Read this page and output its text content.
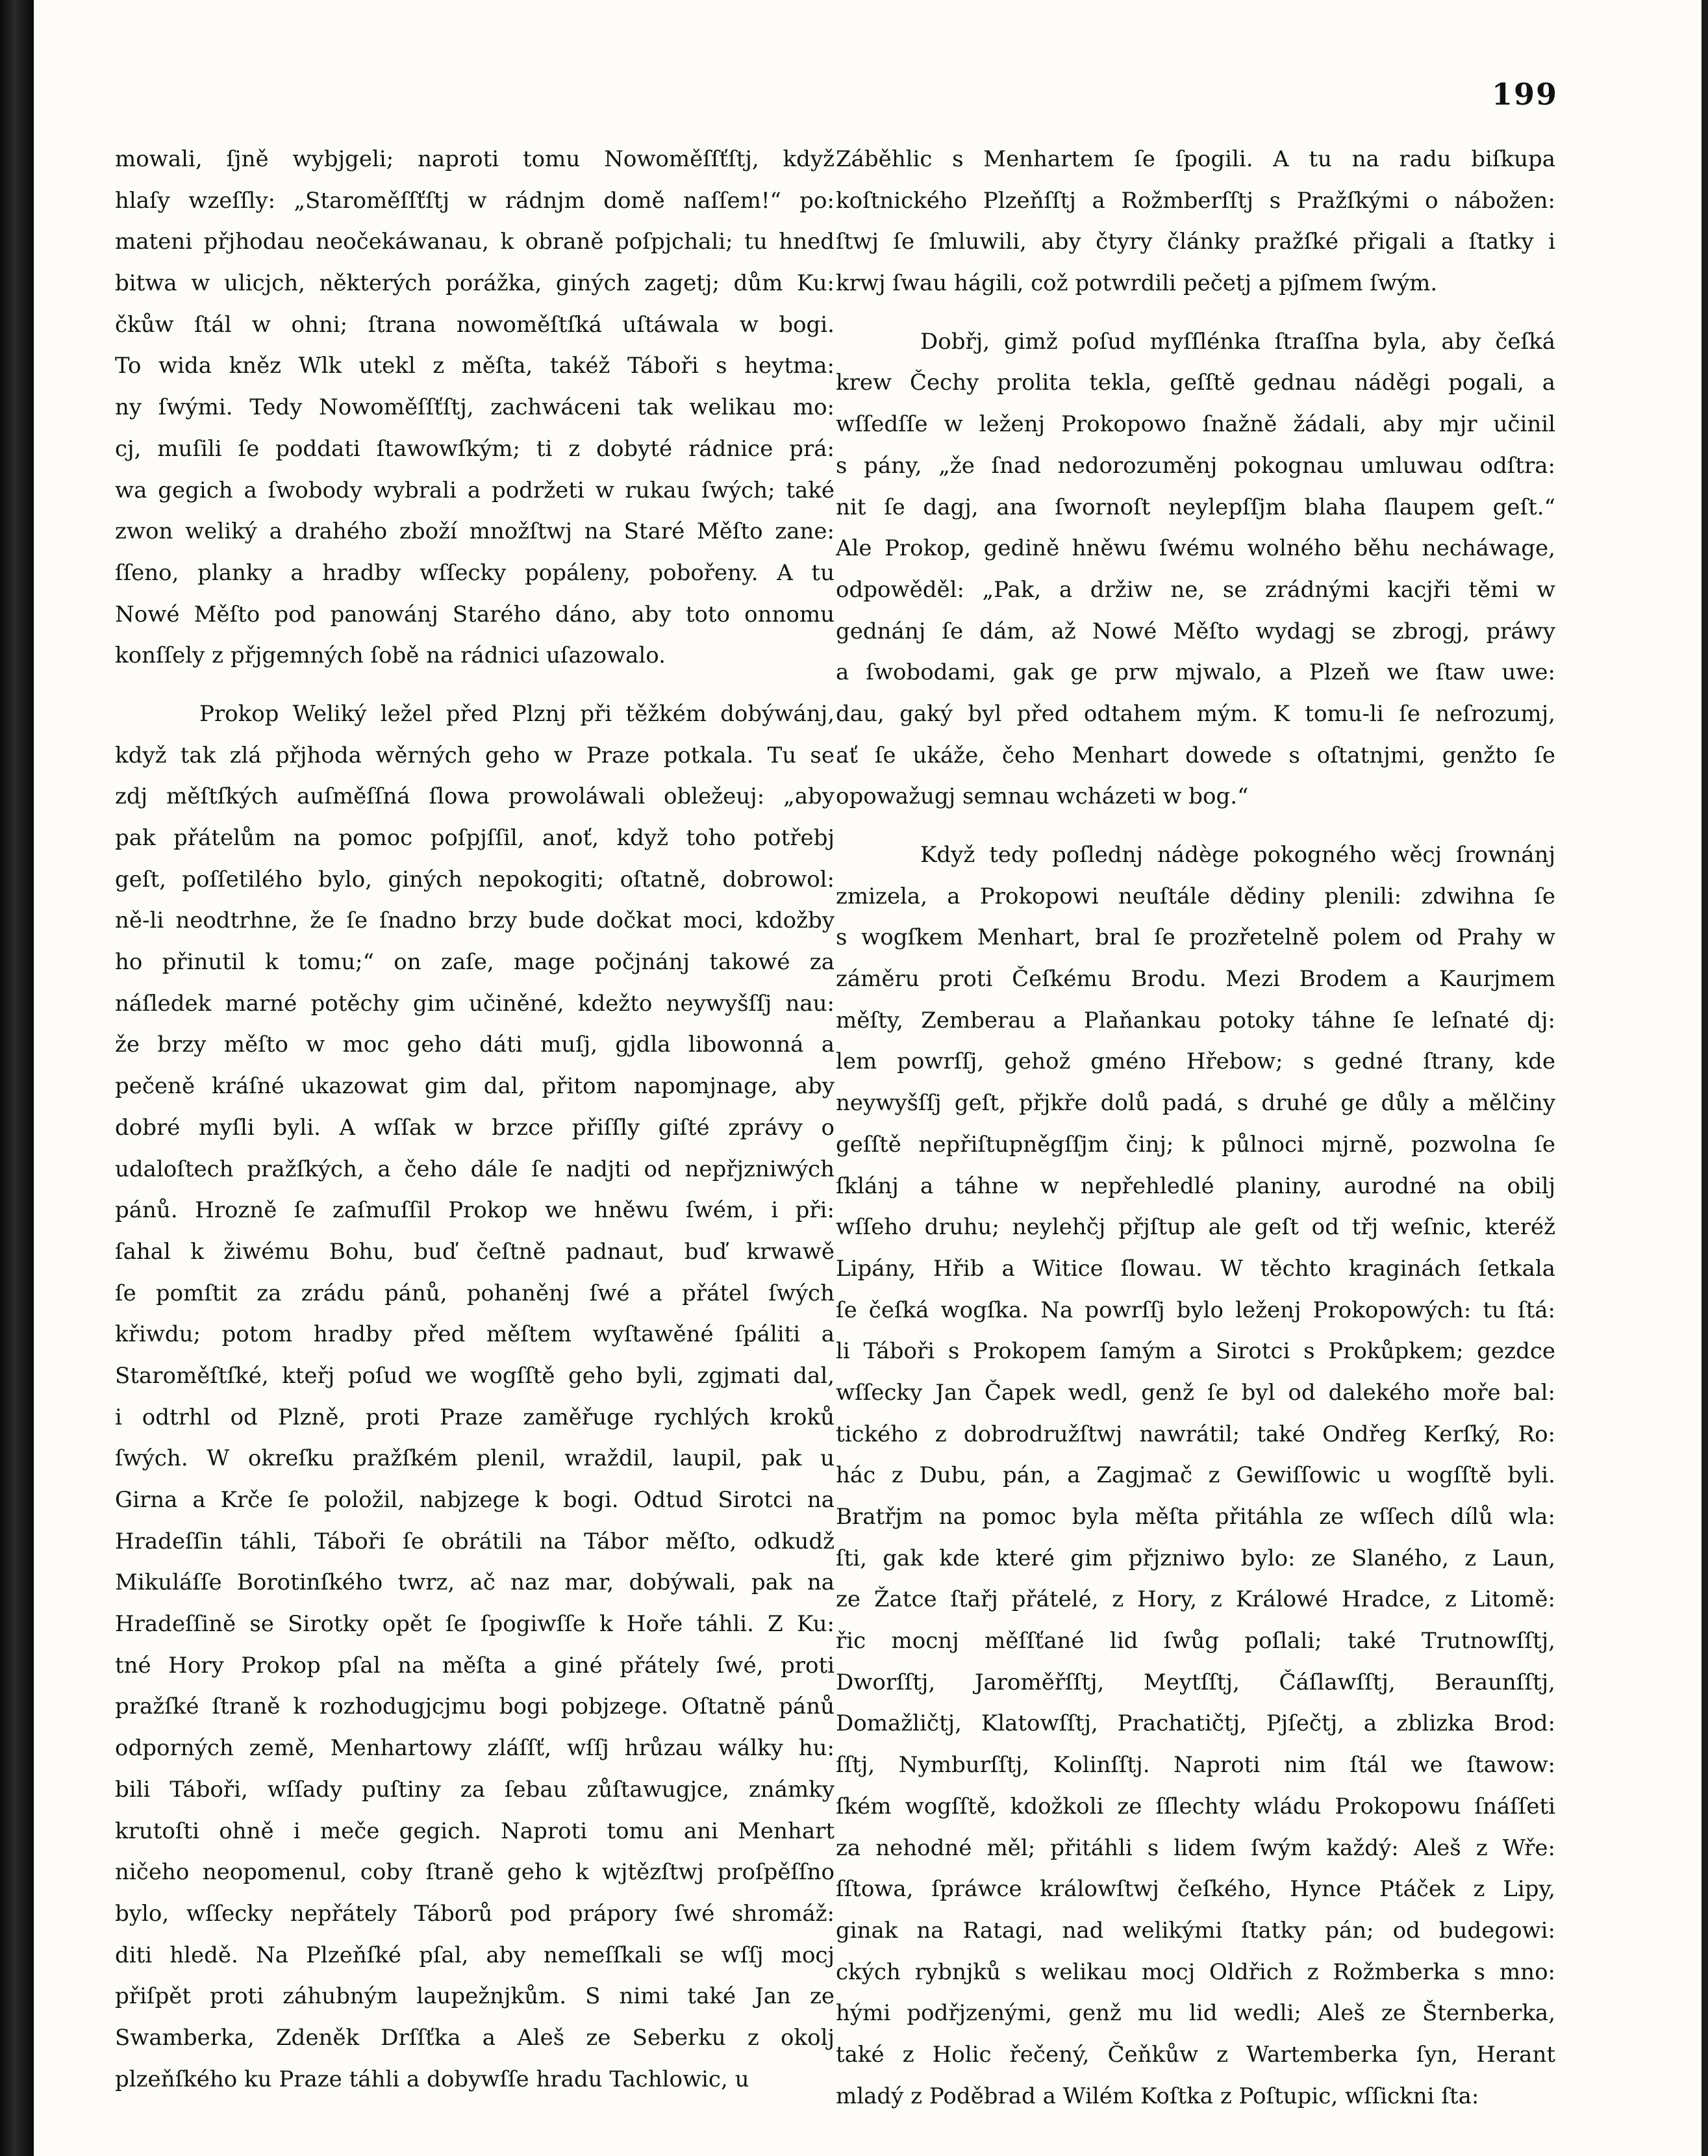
199
mowali, ſjně wybjgeli; naproti tomu Nowoměſſťſtj, když
hlaſy wzeſſly: „Staroměſſťſtj w rádnjm domě naſſem!“ po:
mateni přjhodau neočekáwanau, k obraně poſpjchali; tu hned
bitwa w ulicjch, některých porážka, giných zagetj; dům Ku:
čkůw ſtál w ohni; ſtrana nowoměſtſká uſtáwala w bogi.
To wida kněz Wlk utekl z měſta, takéž Táboři s heytma:
ny ſwými. Tedy Nowoměſſťſtj, zachwáceni tak welikau mo:
cj, muſili ſe poddati ſtawowſkým; ti z dobyté rádnice prá:
wa gegich a ſwobody wybrali a podržeti w rukau ſwých; také
zwon weliký a drahého zboží množſtwj na Staré Měſto zane:
ſſeno, planky a hradby wſſecky popáleny, pobořeny. A tu
Nowé Měſto pod panowánj Starého dáno, aby toto onnomu
konſſely z přjgemných ſobě na rádnici uſazowalo.
Prokop Weliký ležel před Plznj při těžkém dobýwánj,
když tak zlá přjhoda wěrných geho w Praze potkala. Tu se
zdj měſtſkých auſměſſná ſlowa prowoláwali obležeuj: „aby
pak přátelům na pomoc poſpjſſil, anoť, když toho potřebj
geſt, poſſetilého bylo, giných nepokogiti; oſtatně, dobrowol:
ně-li neodtrhne, že ſe ſnadno brzy bude dočkat moci, kdožby
ho přinutil k tomu;“ on zaſe, mage počjnánj takowé za
náſledek marné potěchy gim učiněné, kdežto neywyšſſj nau:
že brzy měſto w moc geho dáti muſj, gjdla libowonná a
pečeně kráſné ukazowat gim dal, přitom napomjnage, aby
dobré myſli byli. A wſſak w brzce přiſſly giſté zprávy o
udaloſtech pražſkých, a čeho dále ſe nadjti od nepřjzniwých
pánů. Hrozně ſe zaſmuſſil Prokop we hněwu ſwém, i při:
ſahal k žiwému Bohu, buď čeſtně padnaut, buď krwawě
ſe pomſtit za zrádu pánů, pohaněnj ſwé a přátel ſwých
křiwdu; potom hradby před měſtem wyſtawěné ſpáliti a
Staroměſtſké, kteřj poſud we wogſſtě geho byli, zgjmati dal,
i odtrhl od Plzně, proti Praze zaměřuge rychlých kroků
ſwých. W okreſku pražſkém plenil, wraždil, laupil, pak u
Girna a Krče ſe položil, nabjzege k bogi. Odtud Sirotci na
Hradeſſin táhli, Táboři ſe obrátili na Tábor měſto, odkudž
Mikuláſſe Borotinſkého twrz, ač naz mar, dobýwali, pak na
Hradeſſině se Sirotky opět ſe ſpogiwſſe k Hoře táhli. Z Ku:
tné Hory Prokop pſal na měſta a giné přátely ſwé, proti
pražſké ſtraně k rozhodugjcjmu bogi pobjzege. Oſtatně pánů
odporných země, Menhartowy zláſſť, wſſj hrůzau wálky hu:
bili Táboři, wſſady puſtiny za ſebau zůſtawugjce, známky
krutoſti ohně i meče gegich. Naproti tomu ani Menhart
ničeho neopomenul, coby ſtraně geho k wjtězſtwj proſpěſſno
bylo, wſſecky nepřátely Táborů pod prápory ſwé shromáž:
diti hledě. Na Plzeňſké pſal, aby nemeſſkali se wſſj mocj
přiſpět proti záhubným laupežnjkům. S nimi také Jan ze
Swamberka, Zdeněk Drſſťka a Aleš ze Seberku z okolj
plzeňſkého ku Praze táhli a dobywſſe hradu Tachlowic, u
Záběhlic s Menhartem ſe ſpogili. A tu na radu biſkupa
koſtnického Plzeňſſtj a Rožmberſſtj s Pražſkými o nábožen:
ſtwj ſe ſmluwili, aby čtyry články pražſké přigali a ſtatky i
krwj ſwau hágili, což potwrdili pečetj a pjſmem ſwým.
Dobřj, gimž poſud myſſlénka ſtraſſna byla, aby čeſká
krew Čechy prolita tekla, geſſtě gednau náděgi pogali, a
wſſedſſe w leženj Prokopowo ſnažně žádali, aby mjr učinil
s pány, „že ſnad nedorozuměnj pokognau umluwau odſtra:
nit ſe dagj, ana ſwornoſt neylepſſjm blaha ſlaupem geſt.“
Ale Prokop, gedině hněwu ſwému wolného běhu necháwage,
odpowěděl: „Pak, a držiw ne, se zrádnými kacjři těmi w
gednánj ſe dám, až Nowé Měſto wydagj se zbrogj, práwy
a ſwobodami, gak ge prw mjwalo, a Plzeň we ſtaw uwe:
dau, gaký byl před odtahem mým. K tomu-li ſe neſrozumj,
ať ſe ukáže, čeho Menhart dowede s oſtatnjmi, genžto ſe
opowažugj semnau wcházeti w bog.“
Když tedy poſlednj nádège pokogného wěcj ſrownánj
zmizela, a Prokopowi neuſtále dědiny plenili: zdwihna ſe
s wogſkem Menhart, bral ſe prozřetelně polem od Prahy w
záměru proti Čeſkému Brodu. Mezi Brodem a Kaurjmem
měſty, Zemberau a Plaňankau potoky táhne ſe leſnaté dj:
lem powrſſj, gehož gméno Hřebow; s gedné ſtrany, kde
neywyšſſj geſt, přjkře dolů padá, s druhé ge důly a mělčiny
geſſtě nepřiſtupněgſſjm činj; k půlnoci mjrně, pozwolna ſe
ſklánj a táhne w nepřehledlé planiny, aurodné na obilj
wſſeho druhu; neylehčj přjſtup ale geſt od třj weſnic, kteréž
Lipány, Hřib a Witice ſlowau. W těchto kraginách ſetkala
ſe čeſká wogſka. Na powrſſj bylo leženj Prokopowých: tu ſtá:
li Táboři s Prokopem ſamým a Sirotci s Prokůpkem; gezdce
wſſecky Jan Čapek wedl, genž ſe byl od dalekého moře bal:
tického z dobrodružſtwj nawrátil; také Ondřeg Kerſký, Ro:
hác z Dubu, pán, a Zagjmač z Gewiſſowic u wogſſtě byli.
Bratřjm na pomoc byla měſta přitáhla ze wſſech dílů wla:
ſti, gak kde které gim přjzniwo bylo: ze Slaného, z Laun,
ze Žatce ſtařj přátelé, z Hory, z Králowé Hradce, z Litomě:
řic mocnj měſſťané lid ſwůg poſlali; také Trutnowſſtj,
Dworſſtj, Jaroměřſſtj, Meytſſtj, Čáſlawſſtj, Beraunſſtj,
Domažličtj, Klatowſſtj, Prachatičtj, Pjſečtj, a zblizka Brod:
ſſtj, Nymburſſtj, Kolinſſtj. Naproti nim ſtál we ſtawow:
ſkém wogſſtě, kdožkoli ze ſſlechty wládu Prokopowu ſnáſſeti
za nehodné měl; přitáhli s lidem ſwým každý: Aleš z Wře:
ſſtowa, ſpráwce králowſtwj čeſkého, Hynce Ptáček z Lipy,
ginak na Ratagi, nad welikými ſtatky pán; od budegowi:
ckých rybnjků s welikau mocj Oldřich z Rožmberka s mno:
hými podřjzenými, genž mu lid wedli; Aleš ze Šternberka,
také z Holic řečený, Čeňkůw z Wartemberka ſyn, Herant
mladý z Poděbrad a Wilém Koſtka z Poſtupic, wſſickni ſta:
